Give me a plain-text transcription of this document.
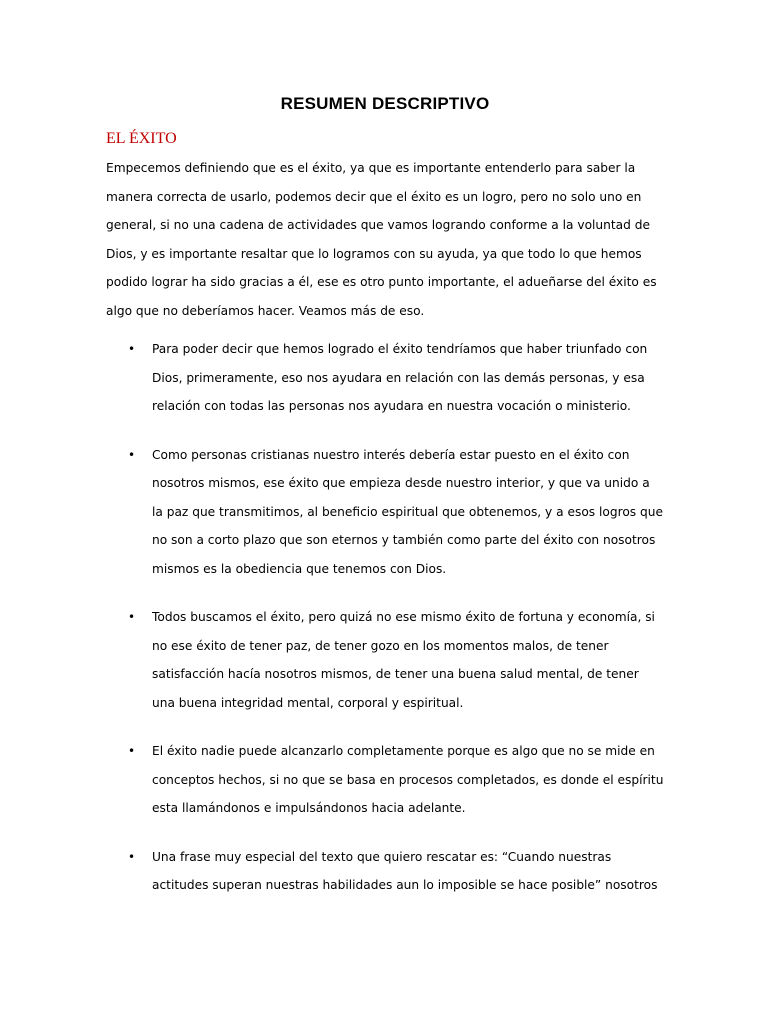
RESUMEN DESCRIPTIVO
EL ÉXITO

Empecemos definiendo que es el éxito, ya que es importante entenderlo para saber la manera correcta de usarlo, podemos decir que el éxito es un logro, pero no solo uno en general, si no una cadena de actividades que vamos logrando conforme a la voluntad de Dios, y es importante resaltar que lo logramos con su ayuda, ya que todo lo que hemos podido lograr ha sido gracias a él, ese es otro punto importante, el adueñarse del éxito es algo que no deberíamos hacer. Veamos más de eso.

• Para poder decir que hemos logrado el éxito tendríamos que haber triunfado con Dios, primeramente, eso nos ayudara en relación con las demás personas, y esa relación con todas las personas nos ayudara en nuestra vocación o ministerio.
• Como personas cristianas nuestro interés debería estar puesto en el éxito con nosotros mismos, ese éxito que empieza desde nuestro interior, y que va unido a la paz que transmitimos, al beneficio espiritual que obtenemos, y a esos logros que no son a corto plazo que son eternos y también como parte del éxito con nosotros mismos es la obediencia que tenemos con Dios.
• Todos buscamos el éxito, pero quizá no ese mismo éxito de fortuna y economía, si no ese éxito de tener paz, de tener gozo en los momentos malos, de tener satisfacción hacía nosotros mismos, de tener una buena salud mental, de tener una buena integridad mental, corporal y espiritual.
• El éxito nadie puede alcanzarlo completamente porque es algo que no se mide en conceptos hechos, si no que se basa en procesos completados, es donde el espíritu esta llamándonos e impulsándonos hacia adelante.
• Una frase muy especial del texto que quiero rescatar es: “Cuando nuestras actitudes superan nuestras habilidades aun lo imposible se hace posible” nosotros
